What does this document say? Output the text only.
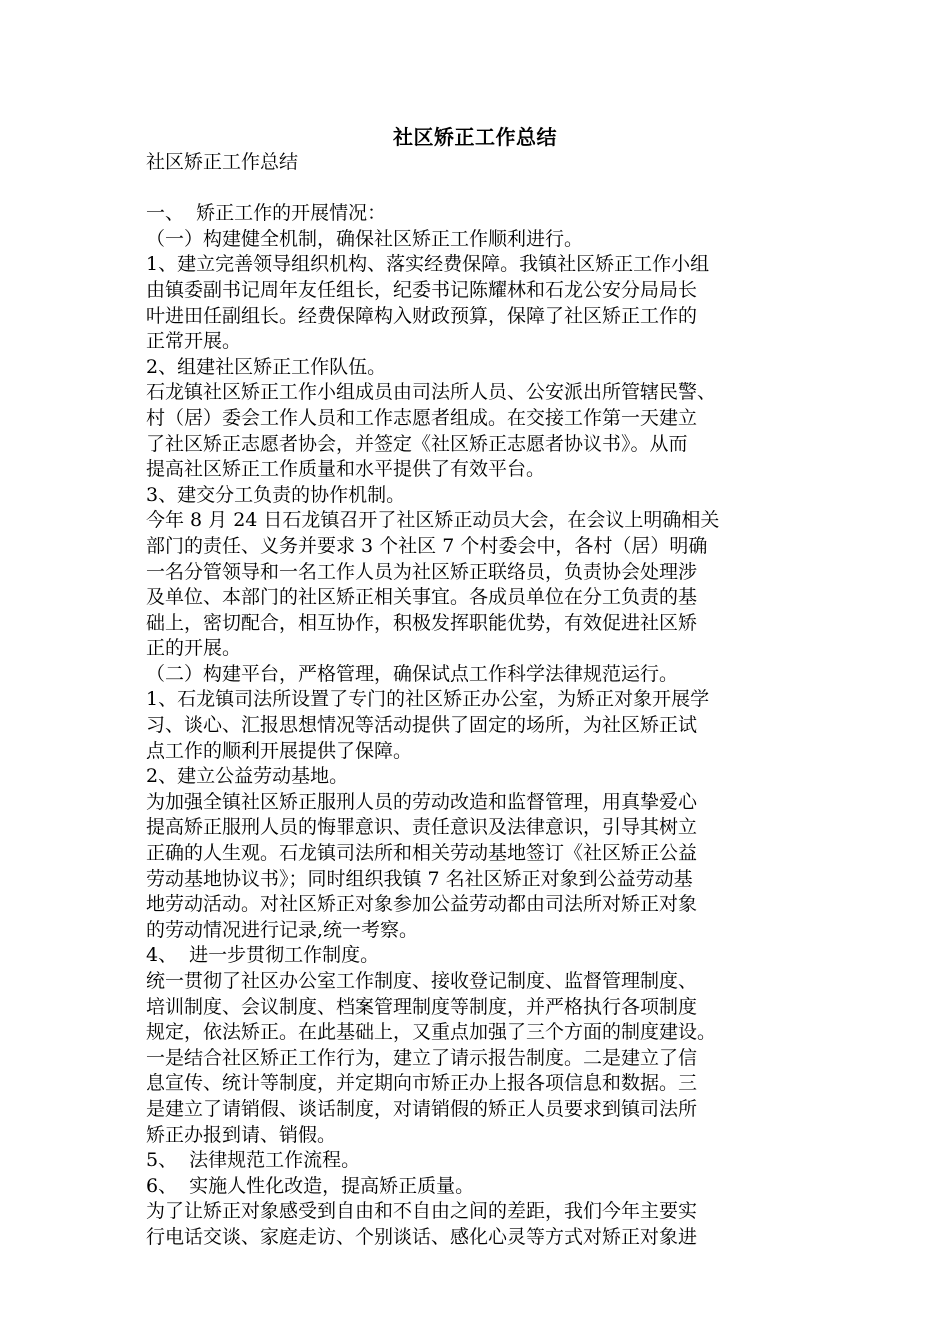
社区矫正工作总结
社区矫正工作总结
一、  矫正工作的开展情况：
（一）构建健全机制，确保社区矫正工作顺利进行。
1、建立完善领导组织机构、落实经费保障。我镇社区矫正工作小组
由镇委副书记周年友任组长，纪委书记陈耀林和石龙公安分局局长
叶进田任副组长。经费保障构入财政预算，保障了社区矫正工作的
正常开展。
2、组建社区矫正工作队伍。
石龙镇社区矫正工作小组成员由司法所人员、公安派出所管辖民警、
村（居）委会工作人员和工作志愿者组成。在交接工作第一天建立
了社区矫正志愿者协会，并签定《社区矫正志愿者协议书》。从而
提高社区矫正工作质量和水平提供了有效平台。
3、建交分工负责的协作机制。
今年 8 月 24 日石龙镇召开了社区矫正动员大会，在会议上明确相关
部门的责任、义务并要求 3 个社区 7 个村委会中，各村（居）明确
一名分管领导和一名工作人员为社区矫正联络员，负责协会处理涉
及单位、本部门的社区矫正相关事宜。各成员单位在分工负责的基
础上，密切配合，相互协作，积极发挥职能优势，有效促进社区矫
正的开展。
（二）构建平台，严格管理，确保试点工作科学法律规范运行。
1、石龙镇司法所设置了专门的社区矫正办公室，为矫正对象开展学
习、谈心、汇报思想情况等活动提供了固定的场所，为社区矫正试
点工作的顺利开展提供了保障。
2、建立公益劳动基地。
为加强全镇社区矫正服刑人员的劳动改造和监督管理，用真挚爱心
提高矫正服刑人员的悔罪意识、责任意识及法律意识，引导其树立
正确的人生观。石龙镇司法所和相关劳动基地签订《社区矫正公益
劳动基地协议书》；同时组织我镇 7 名社区矫正对象到公益劳动基
地劳动活动。对社区矫正对象参加公益劳动都由司法所对矫正对象
的劳动情况进行记录,统一考察。
4、  进一步贯彻工作制度。
统一贯彻了社区办公室工作制度、接收登记制度、监督管理制度、
培训制度、会议制度、档案管理制度等制度，并严格执行各项制度
规定，依法矫正。在此基础上，又重点加强了三个方面的制度建设。
一是结合社区矫正工作行为，建立了请示报告制度。二是建立了信
息宣传、统计等制度，并定期向市矫正办上报各项信息和数据。三
是建立了请销假、谈话制度，对请销假的矫正人员要求到镇司法所
矫正办报到请、销假。
5、  法律规范工作流程。
6、  实施人性化改造，提高矫正质量。
为了让矫正对象感受到自由和不自由之间的差距，我们今年主要实
行电话交谈、家庭走访、个别谈话、感化心灵等方式对矫正对象进
